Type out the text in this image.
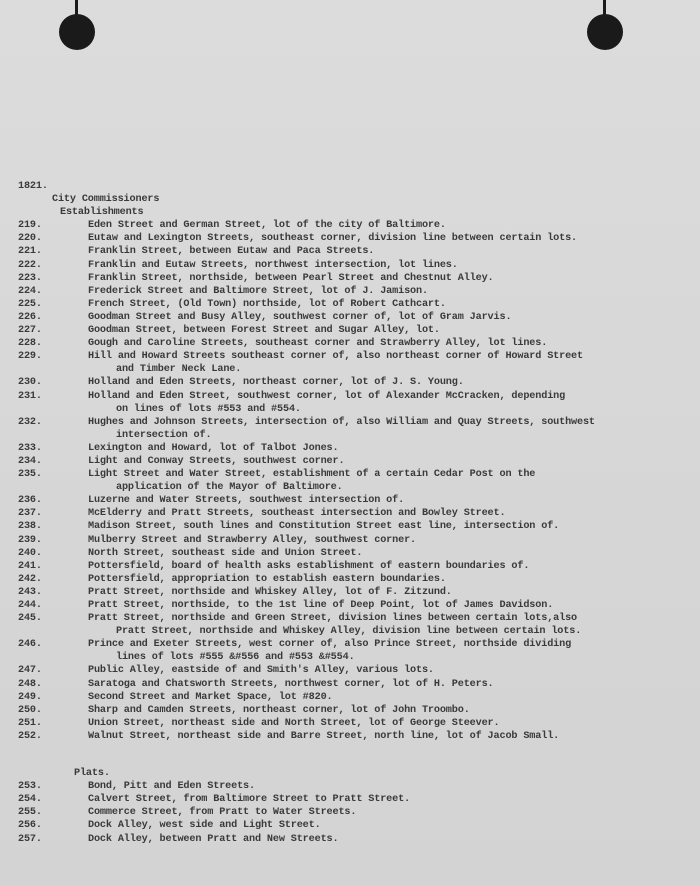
1821.
City Commissioners
Establishments
219.	Eden Street and German Street, lot of the city of Baltimore.
220.	Eutaw and Lexington Streets, southeast corner, division line between certain lots.
221.	Franklin Street, between Eutaw and Paca Streets.
222.	Franklin and Eutaw Streets, northwest intersection, lot lines.
223.	Franklin Street, northside, between Pearl Street and Chestnut Alley.
224.	Frederick Street and Baltimore Street, lot of J. Jamison.
225.	French Street, (Old Town) northside, lot of Robert Cathcart.
226.	Goodman Street and Busy Alley, southwest corner of, lot of Gram Jarvis.
227.	Goodman Street, between Forest Street and Sugar Alley, lot.
228.	Gough and Caroline Streets, southeast corner and Strawberry Alley, lot lines.
229.	Hill and Howard Streets southeast corner of, also northeast corner of Howard Street
and Timber Neck Lane.
230.	Holland and Eden Streets, northeast corner, lot of J. S. Young.
231.	Holland and Eden Street, southwest corner, lot of Alexander McCracken, depending
on lines of lots #553 and #554.
232.	Hughes and Johnson Streets, intersection of, also William and Quay Streets, southwest
intersection of.
233.	Lexington and Howard, lot of Talbot Jones.
234.	Light and Conway Streets, southwest corner.
235.	Light Street and Water Street, establishment of a certain Cedar Post on the
application of the Mayor of Baltimore.
236.	Luzerne and Water Streets, southwest intersection of.
237.	McElderry and Pratt Streets, southeast intersection and Bowley Street.
238.	Madison Street, south lines and Constitution Street east line, intersection of.
239.	Mulberry Street and Strawberry Alley, southwest corner.
240.	North Street, southeast side and Union Street.
241.	Pottersfield, board of health asks establishment of eastern boundaries of.
242.	Pottersfield, appropriation to establish eastern boundaries.
243.	Pratt Street, northside and Whiskey Alley, lot of F. Zitzund.
244.	Pratt Street, northside, to the 1st line of Deep Point, lot of James Davidson.
245.	Pratt Street, northside and Green Street, division lines between certain lots,also
Pratt Street, northside and Whiskey Alley, division line between certain lots.
246.	Prince and Exeter Streets, west corner of, also Prince Street, northside dividing
lines of lots #555 &#556 and #553 &#554.
247.	Public Alley, eastside of and Smith's Alley, various lots.
248.	Saratoga and Chatsworth Streets, northwest corner, lot of H. Peters.
249.	Second Street and Market Space, lot #820.
250.	Sharp and Camden Streets, northeast corner, lot of John Troombo.
251.	Union Street, northeast side and North Street, lot of George Steever.
252.	Walnut Street, northeast side and Barre Street, north line, lot of Jacob Small.
Plats.
253.	Bond, Pitt and Eden Streets.
254.	Calvert Street, from Baltimore Street to Pratt Street.
255.	Commerce Street, from Pratt to Water Streets.
256.	Dock Alley, west side and Light Street.
257.	Dock Alley, between Pratt and New Streets.
